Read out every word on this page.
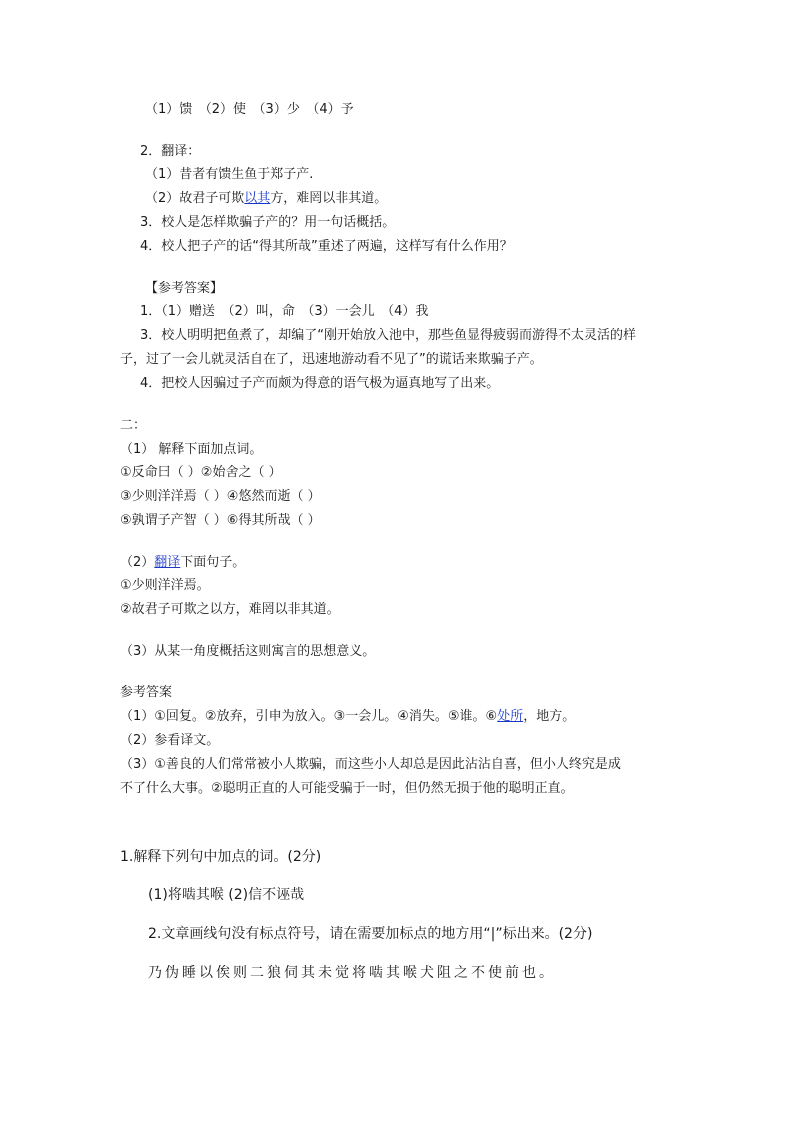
（1）馈　（2）使　（3）少　（4）予
2．翻译：
（1）昔者有馈生鱼于郑子产.
（2）故君子可欺以其方，难罔以非其道。
3．校人是怎样欺骗子产的？用一句话概括。
4．校人把子产的话“得其所哉”重述了两遍，这样写有什么作用？
【参考答案】
1．（1）赠送　（2）叫，命　（3）一会儿　（4）我
3．校人明明把鱼煮了，却编了“刚开始放入池中，那些鱼显得疲弱而游得不太灵活的样
子，过了一会儿就灵活自在了，迅速地游动看不见了”的谎话来欺骗子产。
4．把校人因骗过子产而颇为得意的语气极为逼真地写了出来。
二：
（1） 解释下面加点词。
①反命曰（ ）②始舍之（ ）
③少则洋洋焉（ ）④悠然而逝（ ）
⑤孰谓子产智（ ）⑥得其所哉（ ）
（2）翻译下面句子。
①少则洋洋焉。
②故君子可欺之以方，难罔以非其道。
（3）从某一角度概括这则寓言的思想意义。
参考答案
（1）①回复。②放弃，引申为放入。③一会儿。④消失。⑤谁。⑥处所，地方。
（2）参看译文。
（3）①善良的人们常常被小人欺骗，而这些小人却总是因此沾沾自喜，但小人终究是成
不了什么大事。②聪明正直的人可能受骗于一时，但仍然无损于他的聪明正直。
1.解释下列句中加点的词。(2分)
(1)将啮其喉 (2)信不诬哉
2.文章画线句没有标点符号，请在需要加标点的地方用“|”标出来。(2分)
乃伪睡以俟则二狼伺其未觉将啮其喉犬阻之不使前也。
